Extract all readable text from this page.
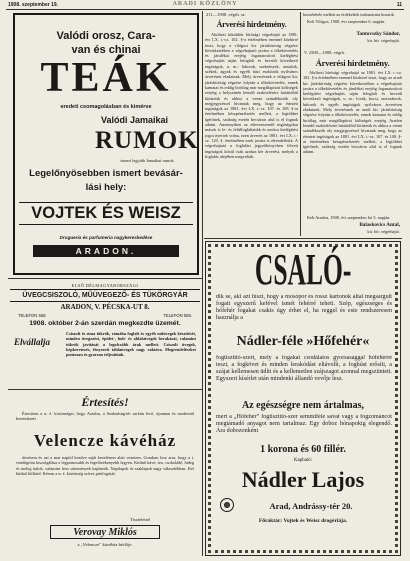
1908. szeptember 19.	ARADI KÖZLÖNY	11
Valódi orosz, Cara-
van és chinai
TEÁK
eredeti csomagolásban és kimérve
Valódi Jamaikai
RUMOK
ismert legjobb Jamaikai rumok
Legelőnyösebben ismert bevásár-
lási hely:
VOJTEK ÉS WEISZ
Drogueria és parfumeria nagykereskedése
ARADON.
ELSŐ DÉLMAGYARORSZÁGI
ÜVEGCSISZOLÓ, MŰÜVEGEZŐ- ÉS TÜKÖRGYÁR
ARADON, V. PÉCSKA-UT 8.
TELEFON 558.	TELEFON 558.
1908. október 2-án szerdán megkezdte üzemét.
Elvállalja
Csiszolt és sima tükrök, rámába foglalt és egyéb műüvegek készítését, minden üvegezést, épület-, bolt- és ablaküvegek berakását, valamint tükrök javítását a legolcsóbb árak mellett. Csiszolt üvegek, képkeretezés, fényezett táblaüvegek nagy raktára. Megrendeléseket pontosan és gyorsan teljesítünk.
Értesítés!
Értesítem a n. é. közönséget, hogy Aradon, a Szabadság-tér sarkán levő, újonnan és modernül berendezett
Velencze kávéház
átvettem és azt a mai naptól kezdve saját kezelésem alatt vezetem. Gondom lesz arra, hogy a t. vendégeim kiszolgálása a legpontosabb és legelőzékenyebb legyen. Kitűnő kávé, tea, csokoládé, hideg és meleg italok, valamint friss sütemények kaphatók. Napilapok és szaklapok nagy választékban. Két kitűnő billiárd. Kérem a n. é. közönség szíves pártfogását.
Tisztelettel
Verovay Miklós
a „Velencze” kávéház bérlője.
211—1908. végrh. sz.
Árverési hirdetmény.
Alulírott kiküldött bírósági végrehajtó az 1881. évi LX. t.-cz. 102. §-a értelmében ezennel közhírré teszi, hogy a világosi kir. járásbíróság végzése következtében a végrehajtató javára a tőkekövetelés és járulékai erejéig foganatosított kielégítési végrehajtás utján lefoglalt és becsült következő ingóságok, u. m.: bútorok, szekrények, asztalok, székek, ágyak és egyéb házi eszközök nyilvános árverésen eladatnak. Mely árverésnek a világosi kir. járásbíróság végzése folytán a tőkekövetelés, ennek kamatai és eddig biróilag már megállapított költségek erejéig a helyszínén leendő eszközlésére határidőül kitüzetik és ahhoz a venni szándékozók oly megjegyzéssel hivatnak meg, hogy az érintett ingóságok az 1881. évi LX. t.-cz. 107. és 108. §-ai értelmében készpénzfizetés mellett, a legtöbbet ígérőnek, szükség esetén becsáron alul is el fognak adatni. Amennyiben az elárverezendő ingóságokat mások is le- és felülfoglaltatták és azokra kielégítési jogot nyertek volna, ezen árverés az 1881. évi LX. t.-cz. 120. §. értelmében ezek javára is elrendeltetik. A végrehajtató a foglalási jegyzőkönyvben felvett ingóságok közül csak azokra kér árverést, melyek a foglalás idejében megvoltak.
közzététele mellett az érdekeltek tudomására hozatik.
Kelt Világos, 1908. évi szeptember 6. napján.
Tantovszky Sándor,
kir. bír. végrehajtó.
V. 2500—1908. végrh.
Árverési hirdetmény.
Alulírott bírósági végrehajtó az 1881. évi LX. t.-cz. 102. §-a értelmében ezennel közhírré teszi, hogy az aradi kir. járásbíróság végzése következtében a végrehajtató javára a tőkekövetelés és járulékai erejéig foganatosított kielégítési végrehajtás utján lefoglalt és becsült következő ingóságok, u. m.: lovak, kocsi, szerszámok, bútorok és egyéb ingóságok nyilvános árverésen eladatnak. Mely árverésnek az aradi kir. járásbíróság végzése folytán a tőkekövetelés, ennek kamatai és eddig biróilag már megállapított költségek erejéig Aradon leendő eszközlésére határidőül kitüzetik és ahhoz a venni szándékozók oly megjegyzéssel hivatnak meg, hogy az érintett ingóságok az 1881. évi LX. t.-cz. 107. és 108. §-ai értelmében készpénzfizetés mellett, a legtöbbet ígérőnek, szükség esetén becsáron alul is el fognak adatni.
Kelt Aradon, 1908. évi szeptember hó 5. napján.
Balaskovics Antal,
kir. bír. végrehajtó.
CSALÓ-
dik se, aki azt hiszi, hogy a mosópor és rossz kartonok által megsárgult fogait egyszerű kefével ismét fehérré teheti. Szép, egészséges és hófehér fogakat csakis úgy érhet el, ha reggel és este rendszeresen használja a
Nádler-féle »Hőfehér«
fogtisztító-szert, mely a fogakat csodálatos gyorsasággal hófehérré teszi, a fogkövet és minden lerakódást eltávolít, a foghúst erősíti, a szájat kellemesen üdíti és a kellemetlen szájszagot azonnal megszünteti. Egyszeri kísérlet után mindenki állandó vevője lesz.
Az egészségre nem ártalmas,
mert a „Hőfehér” fogtisztító-szer semmiféle savat vagy a fogzománcot megtámadó anyagot nem tartalmaz. Egy doboz hónapokig elegendő. Ára dobozonként
1 korona és 60 fillér.
Kapható:
Nádler Lajos
Arad, Andrássy-tér 20.
Főraktár: Vojtek és Weisz drogériája.
